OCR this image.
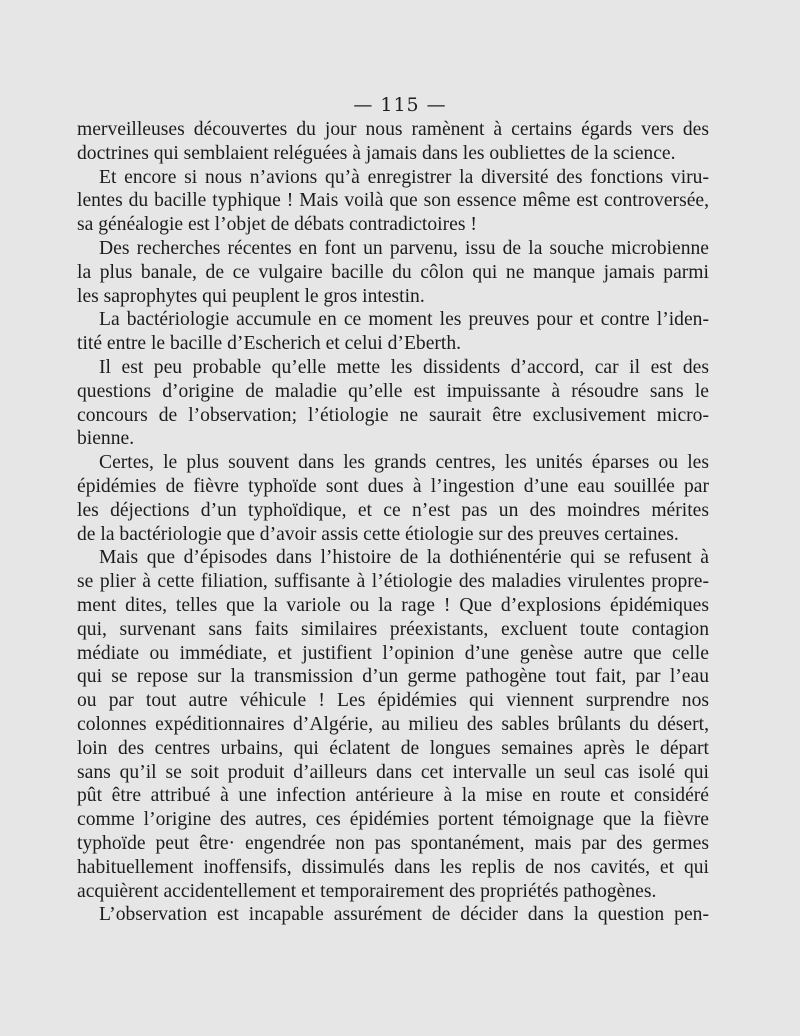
— 115 —
merveilleuses découvertes du jour nous ramènent à certains égards vers des
doctrines qui semblaient reléguées à jamais dans les oubliettes de la science.
Et encore si nous n’avions qu’à enregistrer la diversité des fonctions viru-
lentes du bacille typhique ! Mais voilà que son essence même est controversée,
sa généalogie est l’objet de débats contradictoires !
Des recherches récentes en font un parvenu, issu de la souche microbienne
la plus banale, de ce vulgaire bacille du côlon qui ne manque jamais parmi
les saprophytes qui peuplent le gros intestin.
La bactériologie accumule en ce moment les preuves pour et contre l’iden-
tité entre le bacille d’Escherich et celui d’Eberth.
Il est peu probable qu’elle mette les dissidents d’accord, car il est des
questions d’origine de maladie qu’elle est impuissante à résoudre sans le
concours de l’observation; l’étiologie ne saurait être exclusivement micro-
bienne.
Certes, le plus souvent dans les grands centres, les unités éparses ou les
épidémies de fièvre typhoïde sont dues à l’ingestion d’une eau souillée par
les déjections d’un typhoïdique, et ce n’est pas un des moindres mérites
de la bactériologie que d’avoir assis cette étiologie sur des preuves certaines.
Mais que d’épisodes dans l’histoire de la dothiénentérie qui se refusent à
se plier à cette filiation, suffisante à l’étiologie des maladies virulentes propre-
ment dites, telles que la variole ou la rage ! Que d’explosions épidémiques
qui, survenant sans faits similaires préexistants, excluent toute contagion
médiate ou immédiate, et justifient l’opinion d’une genèse autre que celle
qui se repose sur la transmission d’un germe pathogène tout fait, par l’eau
ou par tout autre véhicule ! Les épidémies qui viennent surprendre nos
colonnes expéditionnaires d’Algérie, au milieu des sables brûlants du désert,
loin des centres urbains, qui éclatent de longues semaines après le départ
sans qu’il se soit produit d’ailleurs dans cet intervalle un seul cas isolé qui
pût être attribué à une infection antérieure à la mise en route et considéré
comme l’origine des autres, ces épidémies portent témoignage que la fièvre
typhoïde peut être· engendrée non pas spontanément, mais par des germes
habituellement inoffensifs, dissimulés dans les replis de nos cavités, et qui
acquièrent accidentellement et temporairement des propriétés pathogènes.
L’observation est incapable assurément de décider dans la question pen-
